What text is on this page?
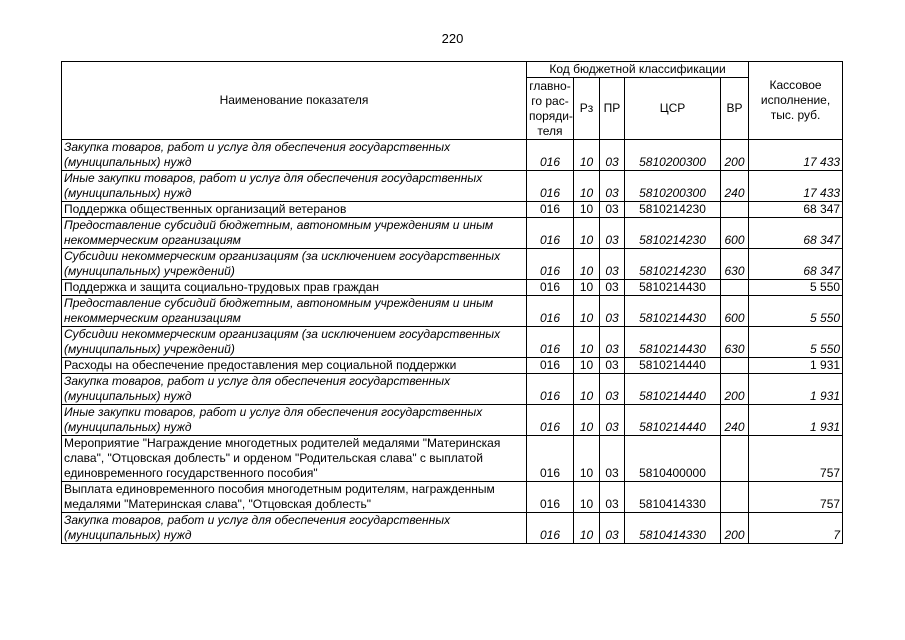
220
Наименование показателя	Код бюджетной классификации					Кассовое исполнение, тыс. руб.
	главно-
го рас-
поряди-
теля	Рз	ПР	ЦСР	ВР	
Закупка товаров, работ и услуг для обеспечения государственных (муниципальных) нужд	016	10	03	5810200300	200	17 433
Иные закупки товаров, работ и услуг для обеспечения государственных (муниципальных) нужд	016	10	03	5810200300	240	17 433
Поддержка общественных организаций ветеранов	016	10	03	5810214230		68 347
Предоставление субсидий бюджетным, автономным учреждениям и иным некоммерческим организациям	016	10	03	5810214230	600	68 347
Субсидии некоммерческим организациям (за исключением государственных (муниципальных) учреждений)	016	10	03	5810214230	630	68 347
Поддержка и защита социально-трудовых прав граждан	016	10	03	5810214430		5 550
Предоставление субсидий бюджетным, автономным учреждениям и иным некоммерческим организациям	016	10	03	5810214430	600	5 550
Субсидии некоммерческим организациям (за исключением государственных (муниципальных) учреждений)	016	10	03	5810214430	630	5 550
Расходы на обеспечение предоставления мер социальной поддержки	016	10	03	5810214440		1 931
Закупка товаров, работ и услуг для обеспечения государственных (муниципальных) нужд	016	10	03	5810214440	200	1 931
Иные закупки товаров, работ и услуг для обеспечения государственных (муниципальных) нужд	016	10	03	5810214440	240	1 931
Мероприятие "Награждение многодетных родителей медалями "Материнская слава", "Отцовская доблесть" и орденом "Родительская слава" с выплатой единовременного государственного пособия"	016	10	03	5810400000		757
Выплата единовременного пособия многодетным родителям, награжденным медалями "Материнская слава", "Отцовская доблесть"	016	10	03	5810414330		757
Закупка товаров, работ и услуг для обеспечения государственных (муниципальных) нужд	016	10	03	5810414330	200	7
